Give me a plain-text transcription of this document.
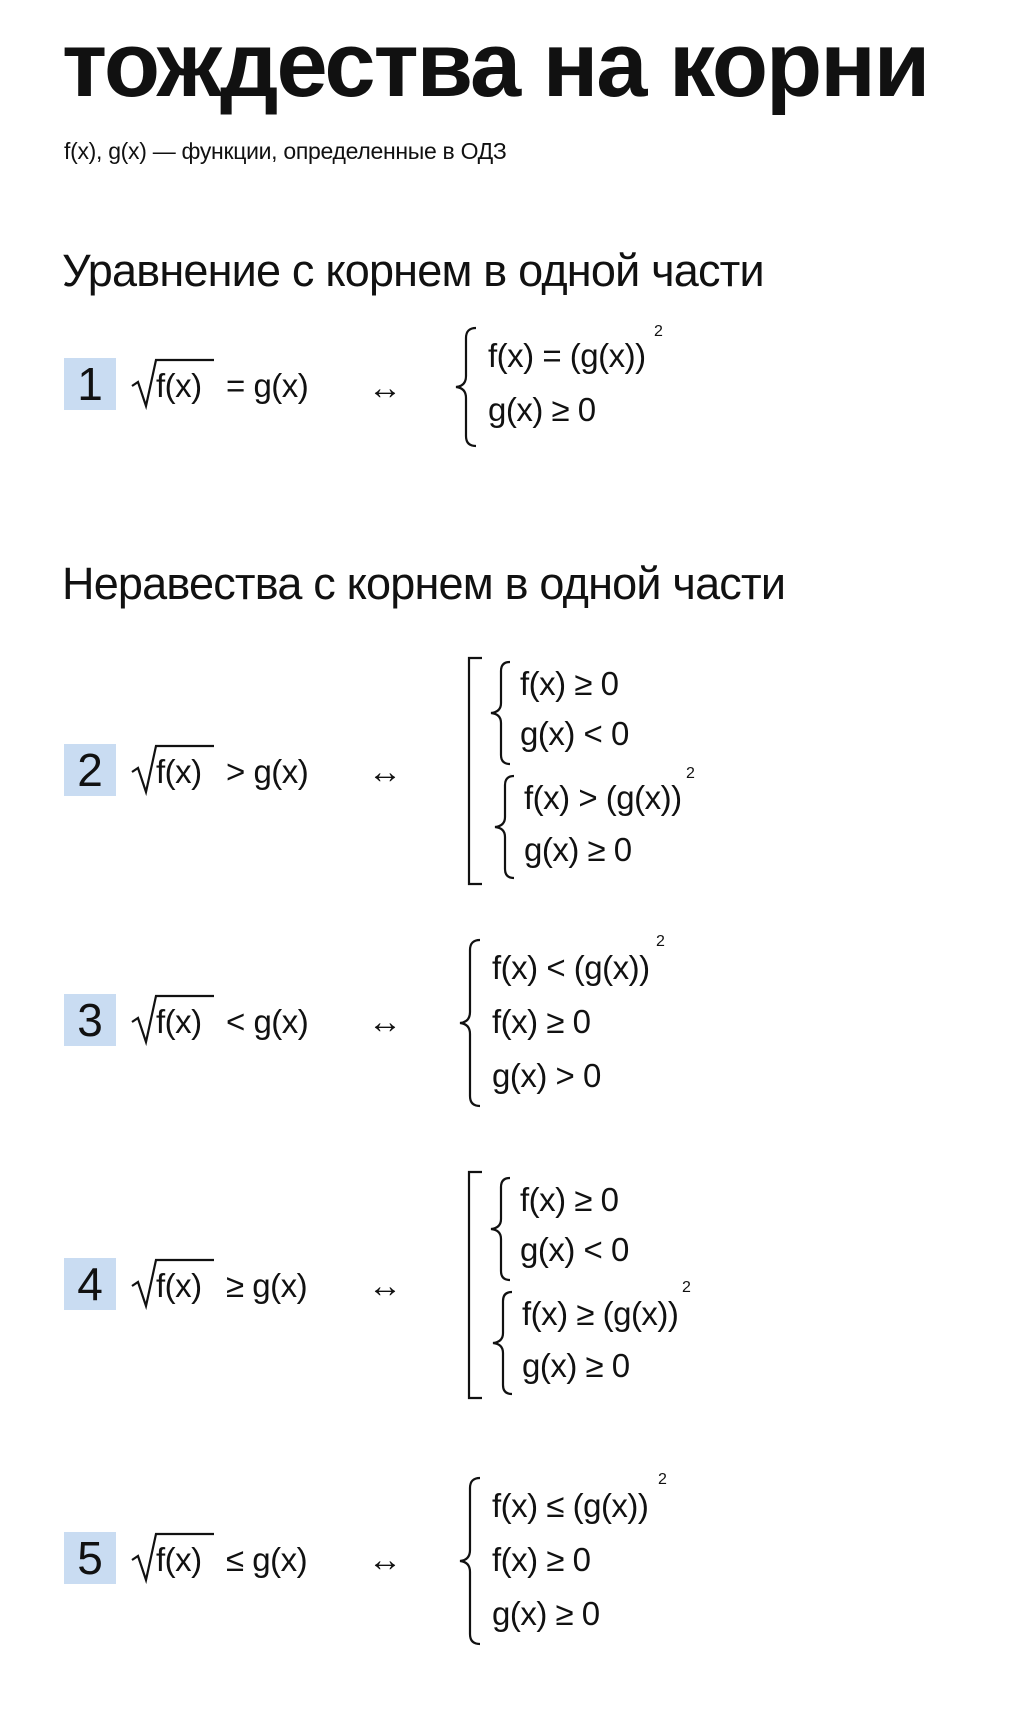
тождества на корни
f(x), g(x) — функции, определенные в ОДЗ
Уравнение с корнем в одной части
1	f(x) = g(x) ↔
f(x) = (g(x))
2
g(x) ≥ 0
Неравества с корнем в одной части
2	f(x) > g(x) ↔
f(x) ≥ 0
g(x) < 0
f(x) > (g(x))
2
g(x) ≥ 0
3	f(x) < g(x) ↔
f(x) < (g(x))
2
f(x) ≥ 0
g(x) > 0
4	f(x) ≥ g(x) ↔
f(x) ≥ 0
g(x) < 0
f(x) ≥ (g(x))
2
g(x) ≥ 0
5	f(x) ≤ g(x) ↔
f(x) ≤ (g(x))
2
f(x) ≥ 0
g(x) ≥ 0
